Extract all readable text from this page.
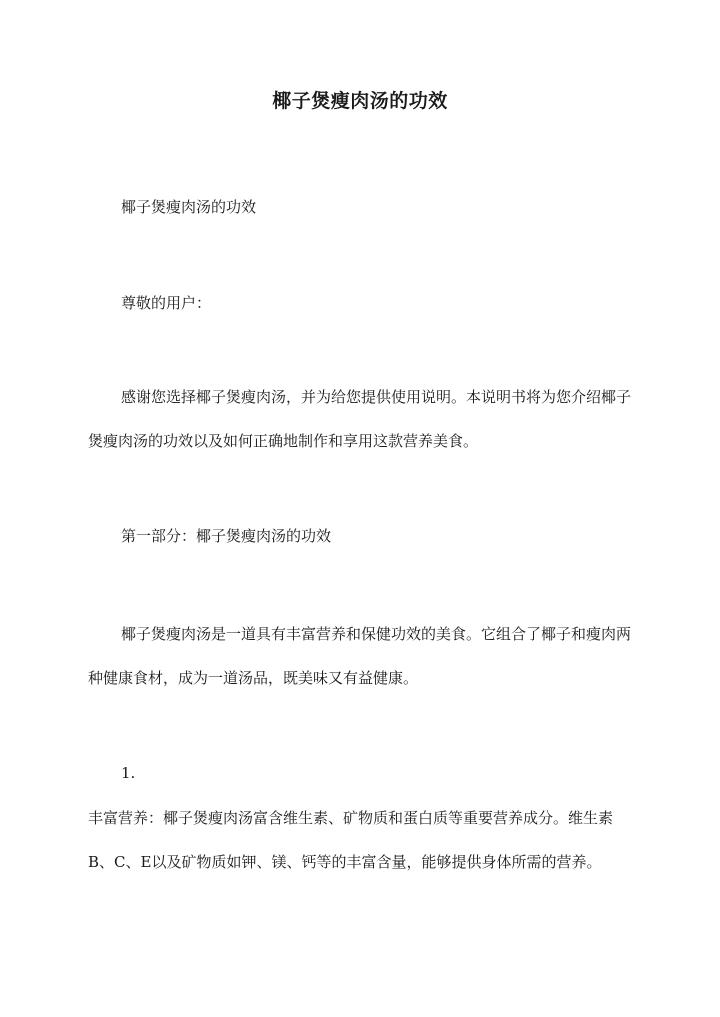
椰子煲瘦肉汤的功效

椰子煲瘦肉汤的功效

尊敬的用户：

感谢您选择椰子煲瘦肉汤，并为给您提供使用说明。本说明书将为您介绍椰子煲瘦肉汤的功效以及如何正确地制作和享用这款营养美食。

第一部分：椰子煲瘦肉汤的功效

椰子煲瘦肉汤是一道具有丰富营养和保健功效的美食。它组合了椰子和瘦肉两种健康食材，成为一道汤品，既美味又有益健康。

1.

丰富营养：椰子煲瘦肉汤富含维生素、矿物质和蛋白质等重要营养成分。维生素B、C、E以及矿物质如钾、镁、钙等的丰富含量，能够提供身体所需的营养。
